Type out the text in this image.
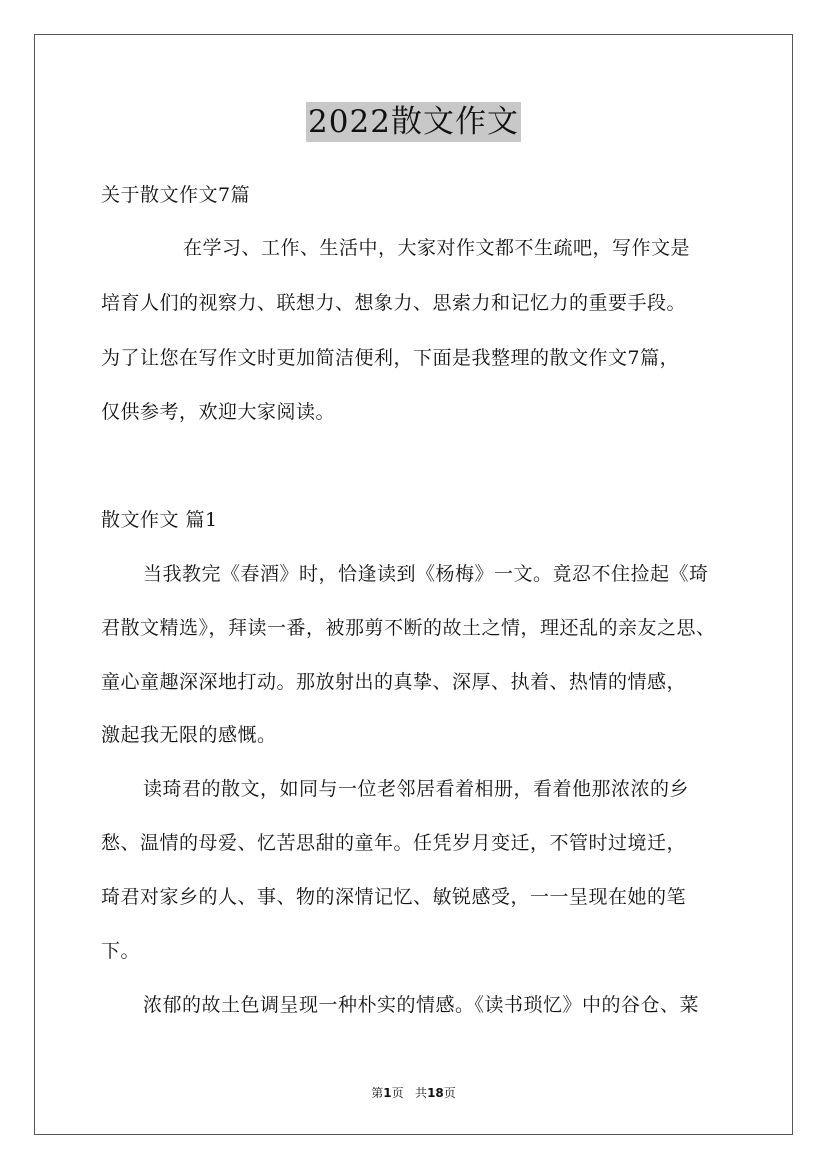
2022散文作文
关于散文作文7篇
在学习、工作、生活中，大家对作文都不生疏吧，写作文是
培育人们的视察力、联想力、想象力、思索力和记忆力的重要手段。
为了让您在写作文时更加简洁便利，下面是我整理的散文作文7篇，
仅供参考，欢迎大家阅读。
散文作文 篇1
当我教完《春酒》时，恰逢读到《杨梅》一文。竟忍不住捡起《琦
君散文精选》，拜读一番，被那剪不断的故土之情，理还乱的亲友之思、
童心童趣深深地打动。那放射出的真挚、深厚、执着、热情的情感，
激起我无限的感慨。
读琦君的散文，如同与一位老邻居看着相册，看着他那浓浓的乡
愁、温情的母爱、忆苦思甜的童年。任凭岁月变迁，不管时过境迁，
琦君对家乡的人、事、物的深情记忆、敏锐感受，一一呈现在她的笔
下。
浓郁的故土色调呈现一种朴实的情感。《读书琐忆》中的谷仓、菜
第1页 共18页
